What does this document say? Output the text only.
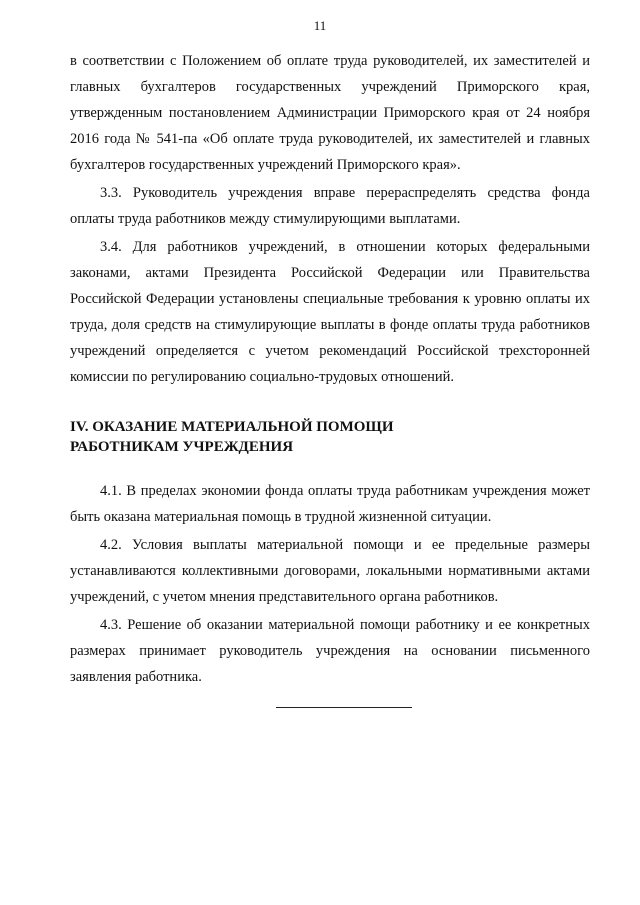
11

в соответствии с Положением об оплате труда руководителей, их заместителей и главных бухгалтеров государственных учреждений Приморского края, утвержденным постановлением Администрации Приморского края от 24 ноября 2016 года № 541-па «Об оплате труда руководителей, их заместителей и главных бухгалтеров государственных учреждений Приморского края».

3.3. Руководитель учреждения вправе перераспределять средства фонда оплаты труда работников между стимулирующими выплатами.

3.4. Для работников учреждений, в отношении которых федеральными законами, актами Президента Российской Федерации или Правительства Российской Федерации установлены специальные требования к уровню оплаты их труда, доля средств на стимулирующие выплаты в фонде оплаты труда работников учреждений определяется с учетом рекомендаций Российской трехсторонней комиссии по регулированию социально-трудовых отношений.

IV. ОКАЗАНИЕ МАТЕРИАЛЬНОЙ ПОМОЩИ
РАБОТНИКАМ УЧРЕЖДЕНИЯ

4.1. В пределах экономии фонда оплаты труда работникам учреждения может быть оказана материальная помощь в трудной жизненной ситуации.

4.2. Условия выплаты материальной помощи и ее предельные размеры устанавливаются коллективными договорами, локальными нормативными актами учреждений, с учетом мнения представительного органа работников.

4.3. Решение об оказании материальной помощи работнику и ее конкретных размерах принимает руководитель учреждения на основании письменного заявления работника.
